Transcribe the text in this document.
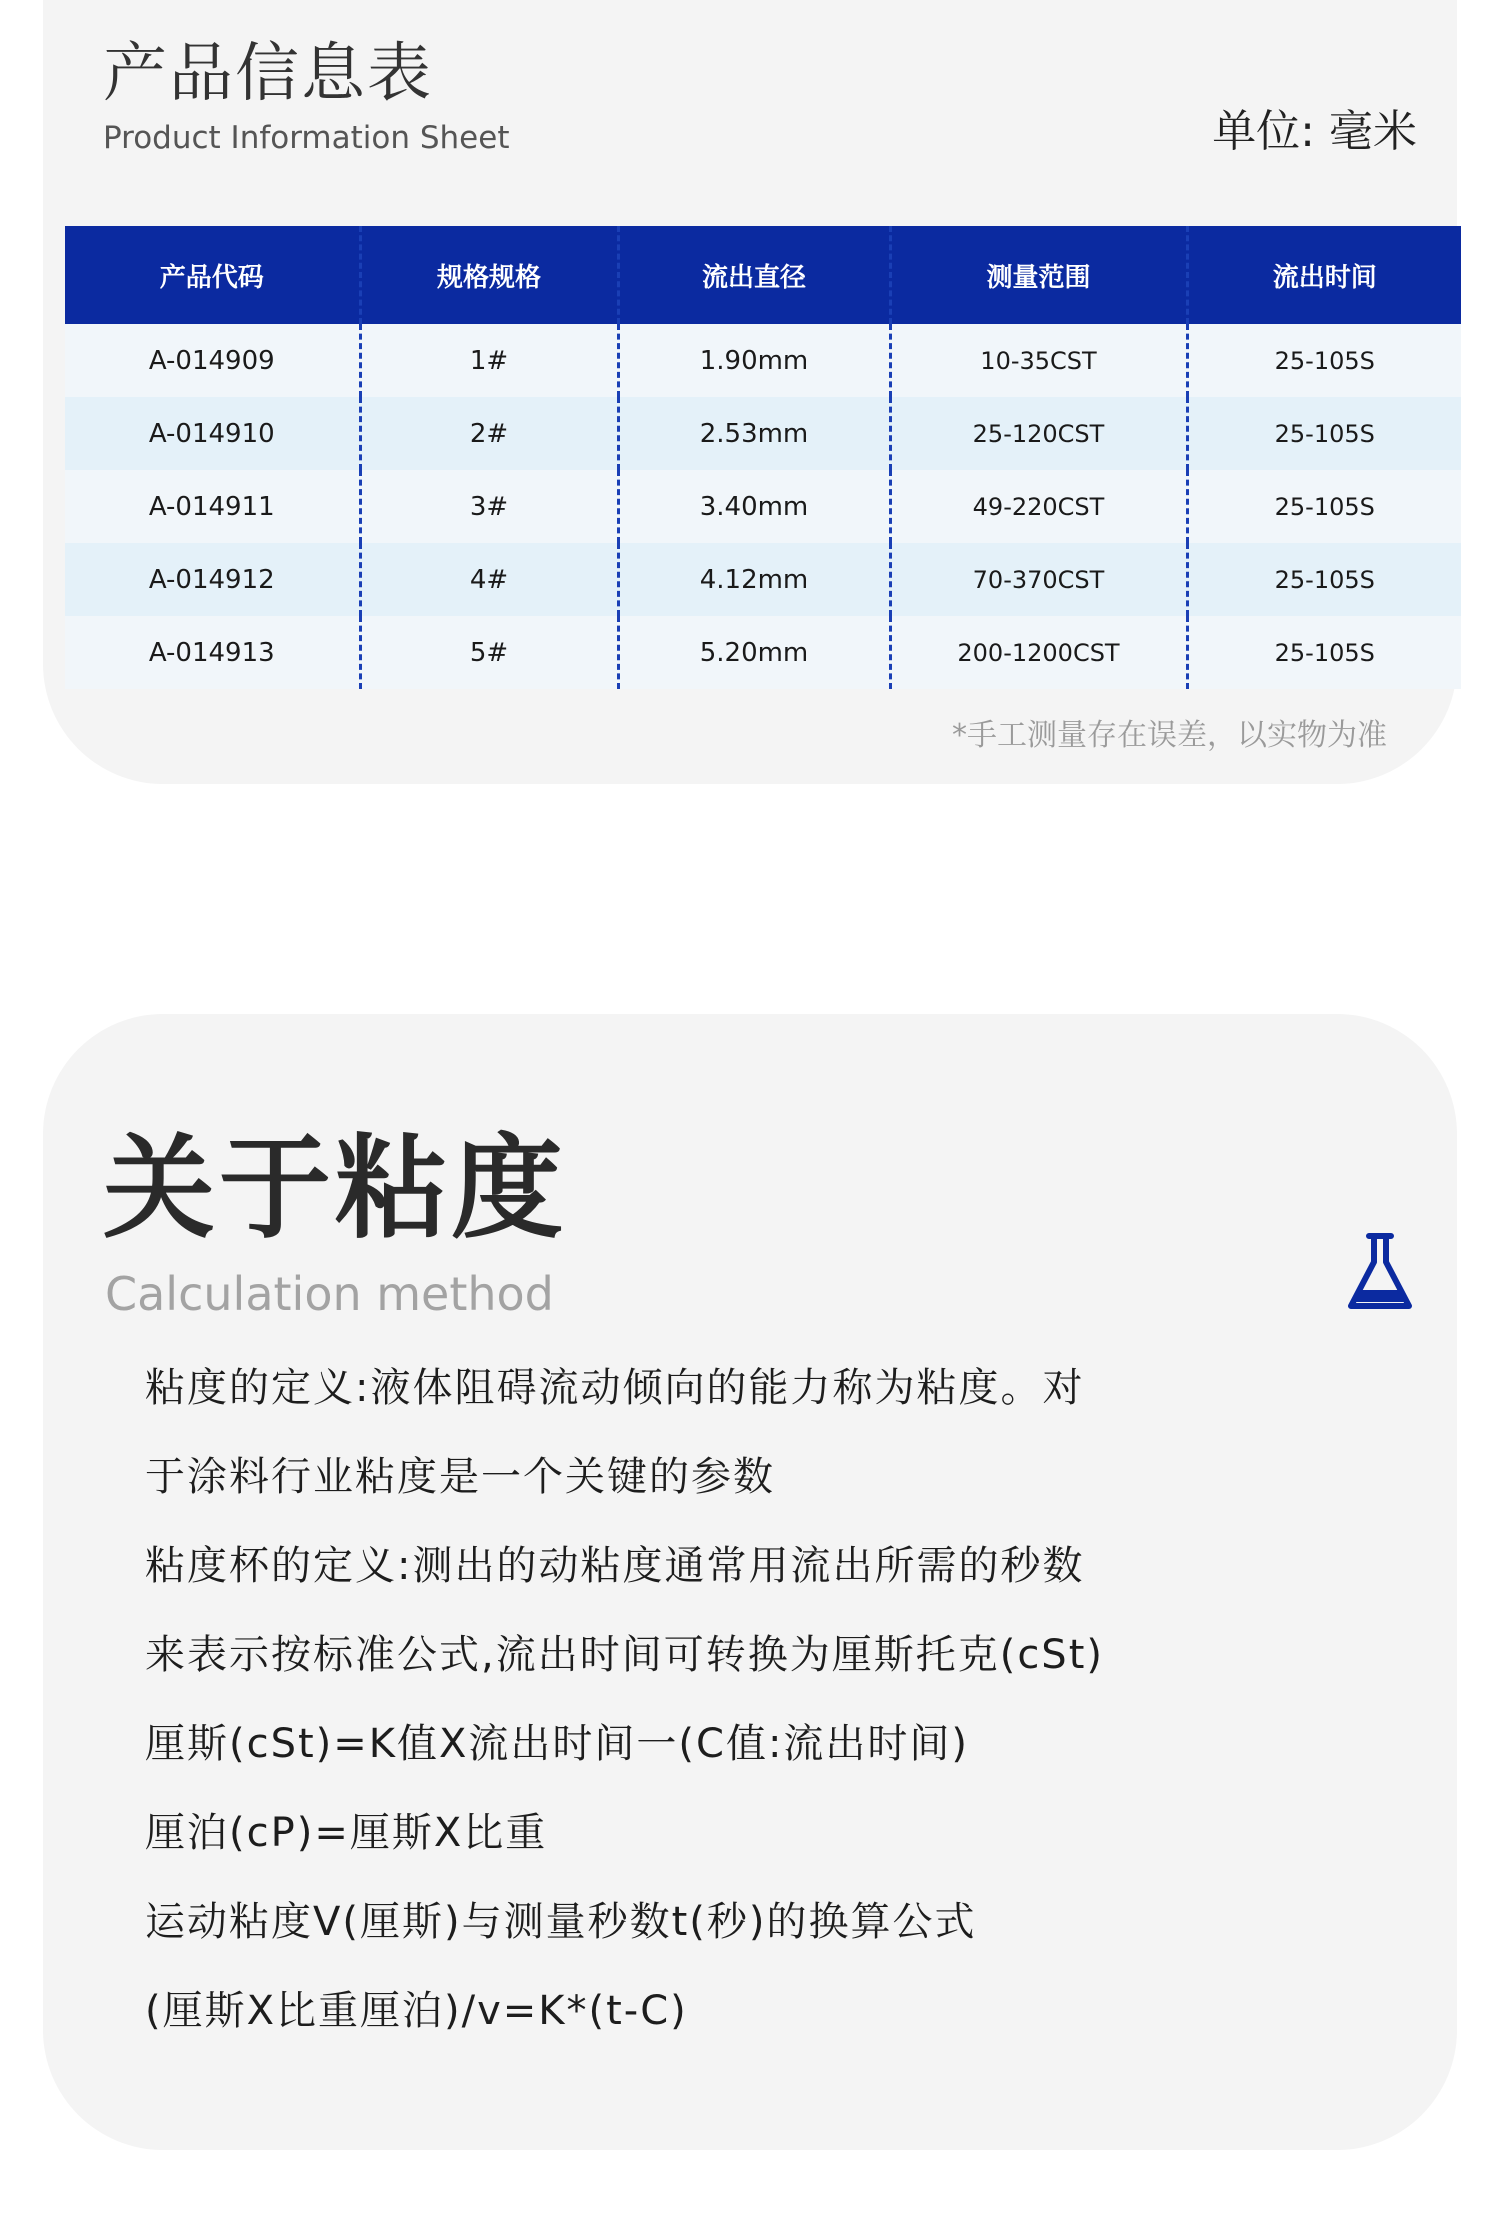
产品信息表
Product Information Sheet	单位: 毫米
产品代码	规格规格	流出直径	测量范围	流出时间
A-014909	1#	1.90mm	10-35CST	25-105S
A-014910	2#	2.53mm	25-120CST	25-105S
A-014911	3#	3.40mm	49-220CST	25-105S
A-014912	4#	4.12mm	70-370CST	25-105S
A-014913	5#	5.20mm	200-1200CST	25-105S
*手工测量存在误差，以实物为准
关于粘度
Calculation method
粘度的定义:液体阻碍流动倾向的能力称为粘度。对
于涂料行业粘度是一个关键的参数
粘度杯的定义:测出的动粘度通常用流出所需的秒数
来表示按标准公式,流出时间可转换为厘斯托克(cSt)
厘斯(cSt)=K值X流出时间一(C值:流出时间)
厘泊(cP)=厘斯X比重
运动粘度V(厘斯)与测量秒数t(秒)的换算公式
(厘斯X比重厘泊)/v=K*(t-C)
